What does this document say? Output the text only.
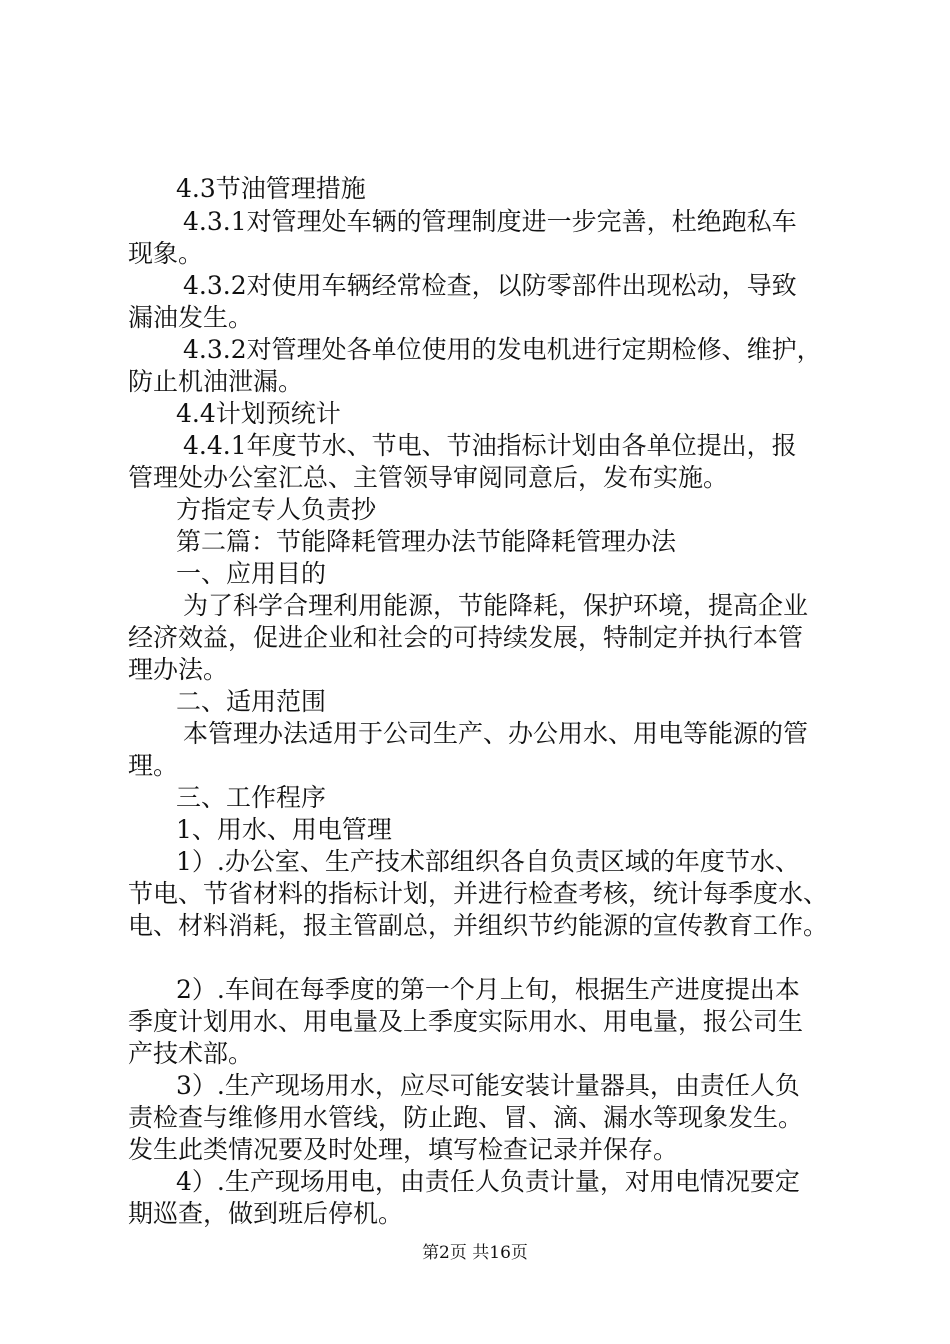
4.3节油管理措施
4.3.1对管理处车辆的管理制度进一步完善，杜绝跑私车
现象。
4.3.2对使用车辆经常检查，以防零部件出现松动，导致
漏油发生。
4.3.2对管理处各单位使用的发电机进行定期检修、维护，
防止机油泄漏。
4.4计划预统计
4.4.1年度节水、节电、节油指标计划由各单位提出，报
管理处办公室汇总、主管领导审阅同意后，发布实施。
方指定专人负责抄
第二篇：节能降耗管理办法节能降耗管理办法
一、应用目的
为了科学合理利用能源，节能降耗，保护环境，提高企业
经济效益，促进企业和社会的可持续发展，特制定并执行本管
理办法。
二、适用范围
本管理办法适用于公司生产、办公用水、用电等能源的管
理。
三、工作程序
1、用水、用电管理
1）.办公室、生产技术部组织各自负责区域的年度节水、
节电、节省材料的指标计划，并进行检查考核，统计每季度水、
电、材料消耗，报主管副总，并组织节约能源的宣传教育工作。
2）.车间在每季度的第一个月上旬，根据生产进度提出本
季度计划用水、用电量及上季度实际用水、用电量，报公司生
产技术部。
3）.生产现场用水，应尽可能安装计量器具，由责任人负
责检查与维修用水管线，防止跑、冒、滴、漏水等现象发生。
发生此类情况要及时处理，填写检查记录并保存。
4）.生产现场用电，由责任人负责计量，对用电情况要定
期巡查，做到班后停机。
第2页 共16页
